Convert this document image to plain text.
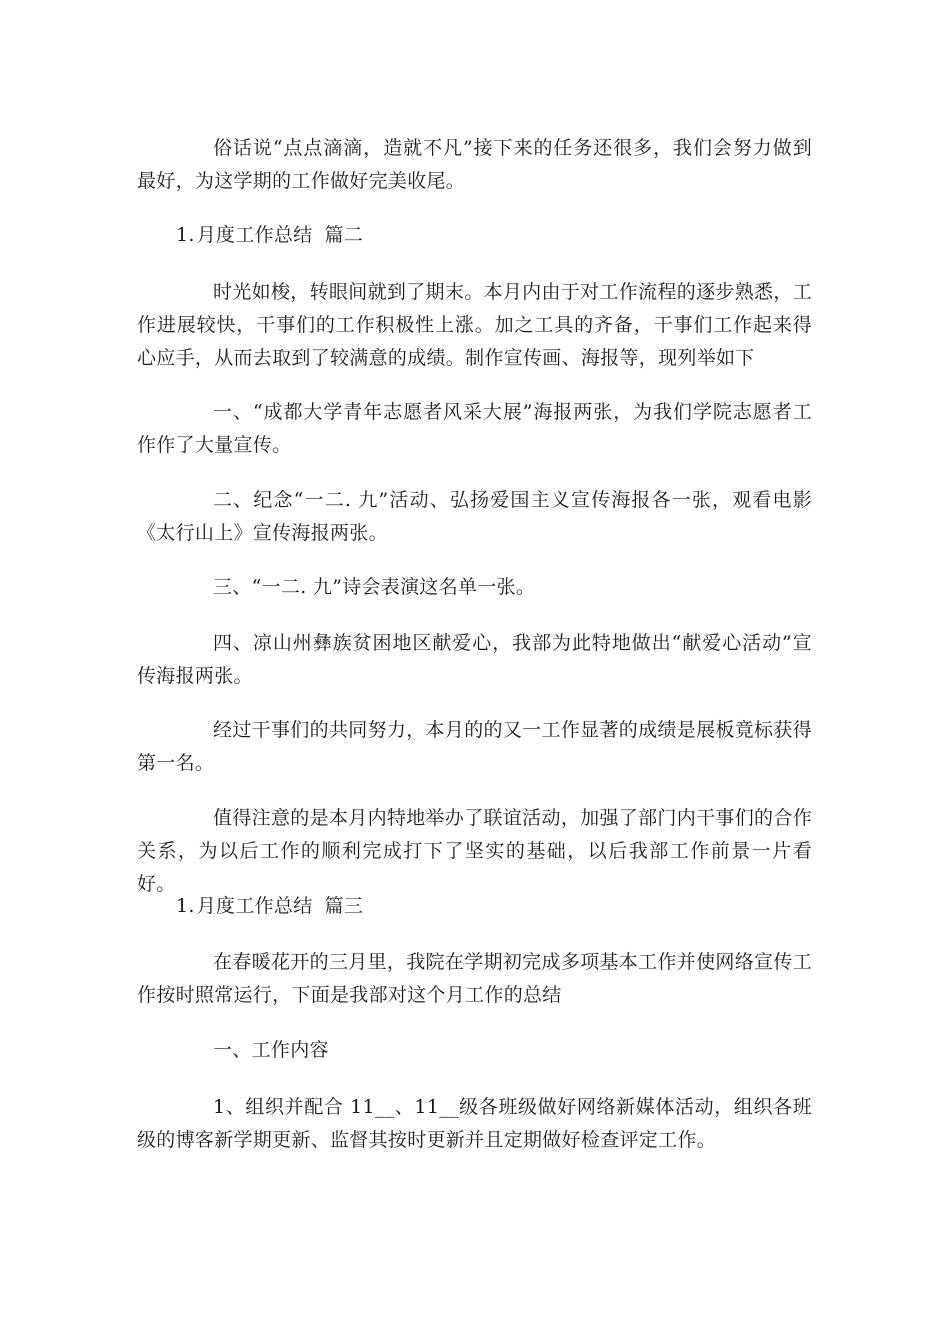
俗话说“点点滴滴，造就不凡”接下来的任务还很多，我们会努力做到最好，为这学期的工作做好完美收尾。

1. 月度工作总结 篇二

时光如梭，转眼间就到了期末。本月内由于对工作流程的逐步熟悉，工作进展较快，干事们的工作积极性上涨。加之工具的齐备，干事们工作起来得心应手，从而去取到了较满意的成绩。制作宣传画、海报等，现列举如下

一、“成都大学青年志愿者风采大展”海报两张，为我们学院志愿者工作作了大量宣传。

二、纪念“一二. 九”活动、弘扬爱国主义宣传海报各一张，观看电影《太行山上》宣传海报两张。

三、“一二. 九”诗会表演这名单一张。

四、凉山州彝族贫困地区献爱心，我部为此特地做出“献爱心活动”宣传海报两张。

经过干事们的共同努力，本月的的又一工作显著的成绩是展板竟标获得第一名。

值得注意的是本月内特地举办了联谊活动，加强了部门内干事们的合作关系，为以后工作的顺利完成打下了坚实的基础，以后我部工作前景一片看好。

1. 月度工作总结 篇三

在春暖花开的三月里，我院在学期初完成多项基本工作并使网络宣传工作按时照常运行，下面是我部对这个月工作的总结

一、工作内容

1、组织并配合 11__、11__级各班级做好网络新媒体活动，组织各班级的博客新学期更新、监督其按时更新并且定期做好检查评定工作。
